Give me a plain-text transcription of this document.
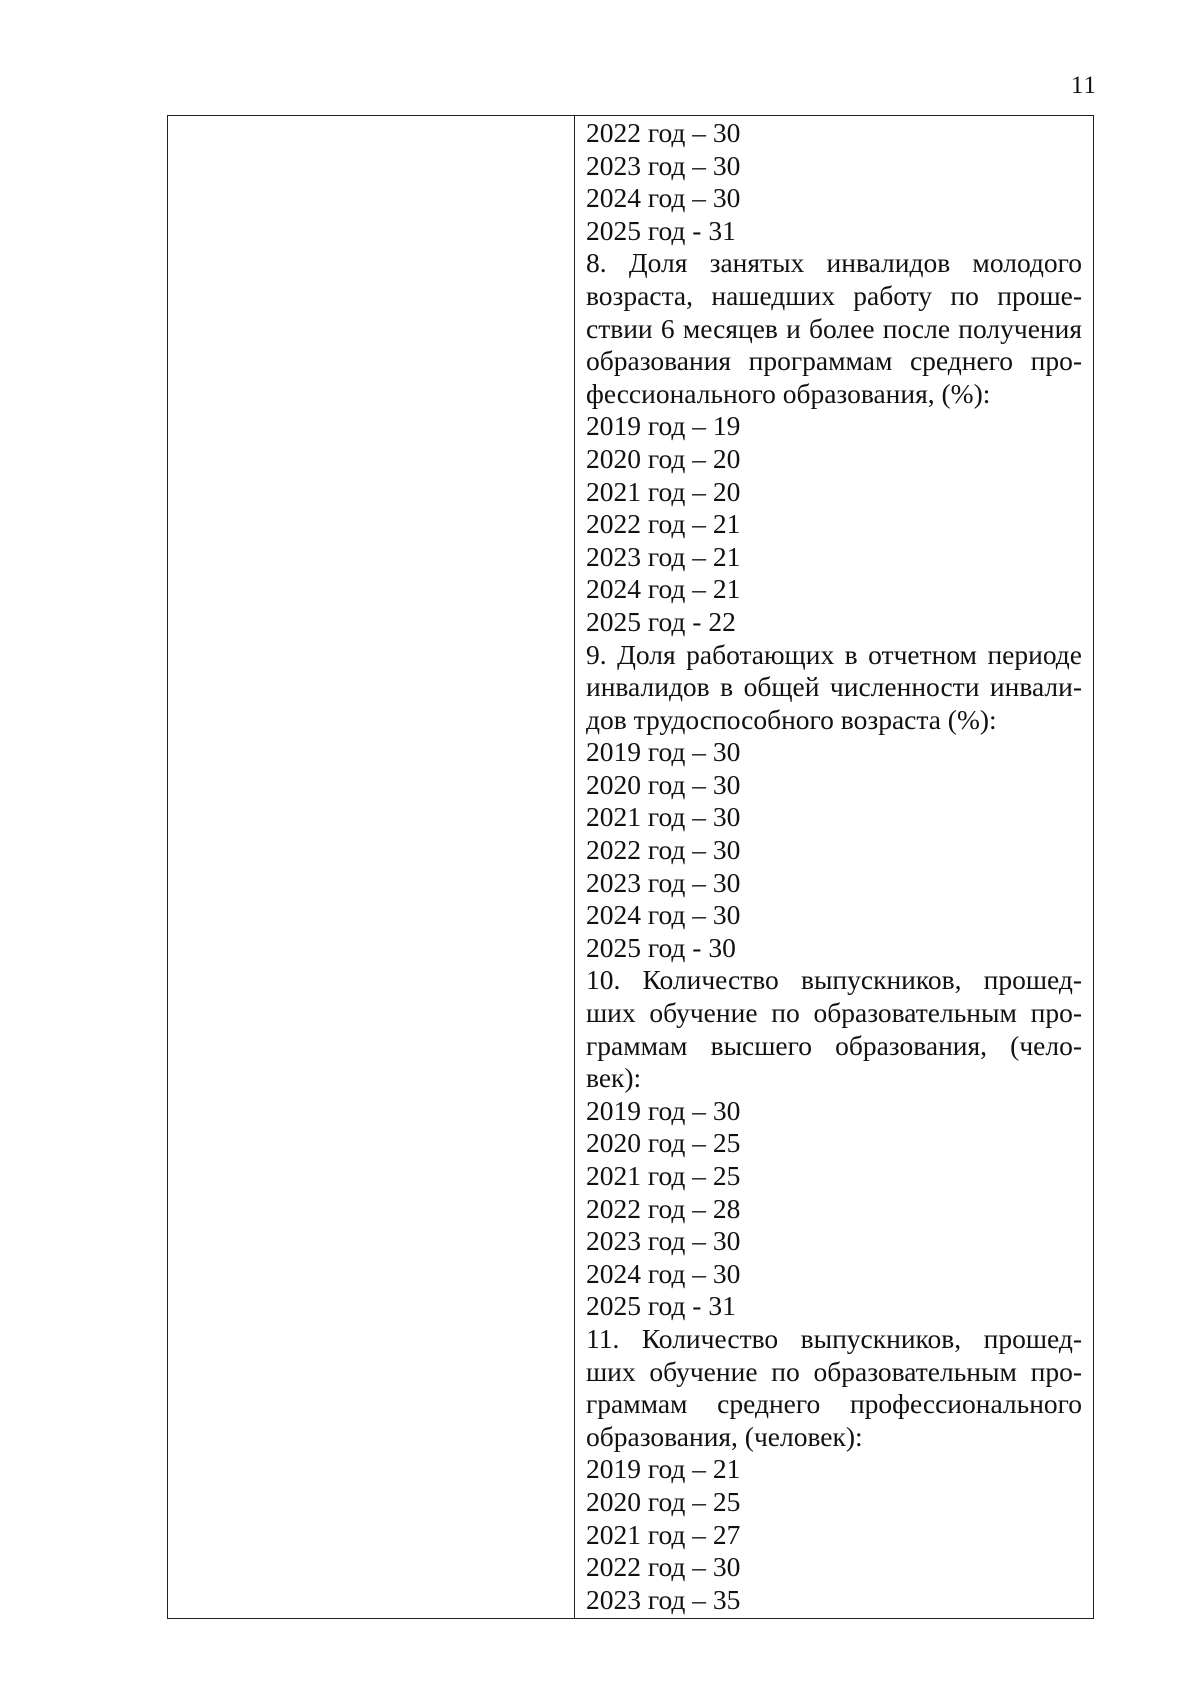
11
2022 год – 30
2023 год – 30
2024 год – 30
2025 год - 31
8. Доля занятых инвалидов молодого
возраста, нашедших работу по проше-
ствии 6 месяцев и более после получения
образования программам среднего про-
фессионального образования, (%):
2019 год – 19
2020 год – 20
2021 год – 20
2022 год – 21
2023 год – 21
2024 год – 21
2025 год - 22
9. Доля работающих в отчетном периоде
инвалидов в общей численности инвали-
дов трудоспособного возраста (%):
2019 год – 30
2020 год – 30
2021 год – 30
2022 год – 30
2023 год – 30
2024 год – 30
2025 год - 30
10. Количество выпускников, прошед-
ших обучение по образовательным про-
граммам высшего образования, (чело-
век):
2019 год – 30
2020 год – 25
2021 год – 25
2022 год – 28
2023 год – 30
2024 год – 30
2025 год - 31
11. Количество выпускников, прошед-
ших обучение по образовательным про-
граммам среднего профессионального
образования, (человек):
2019 год – 21
2020 год – 25
2021 год – 27
2022 год – 30
2023 год – 35
